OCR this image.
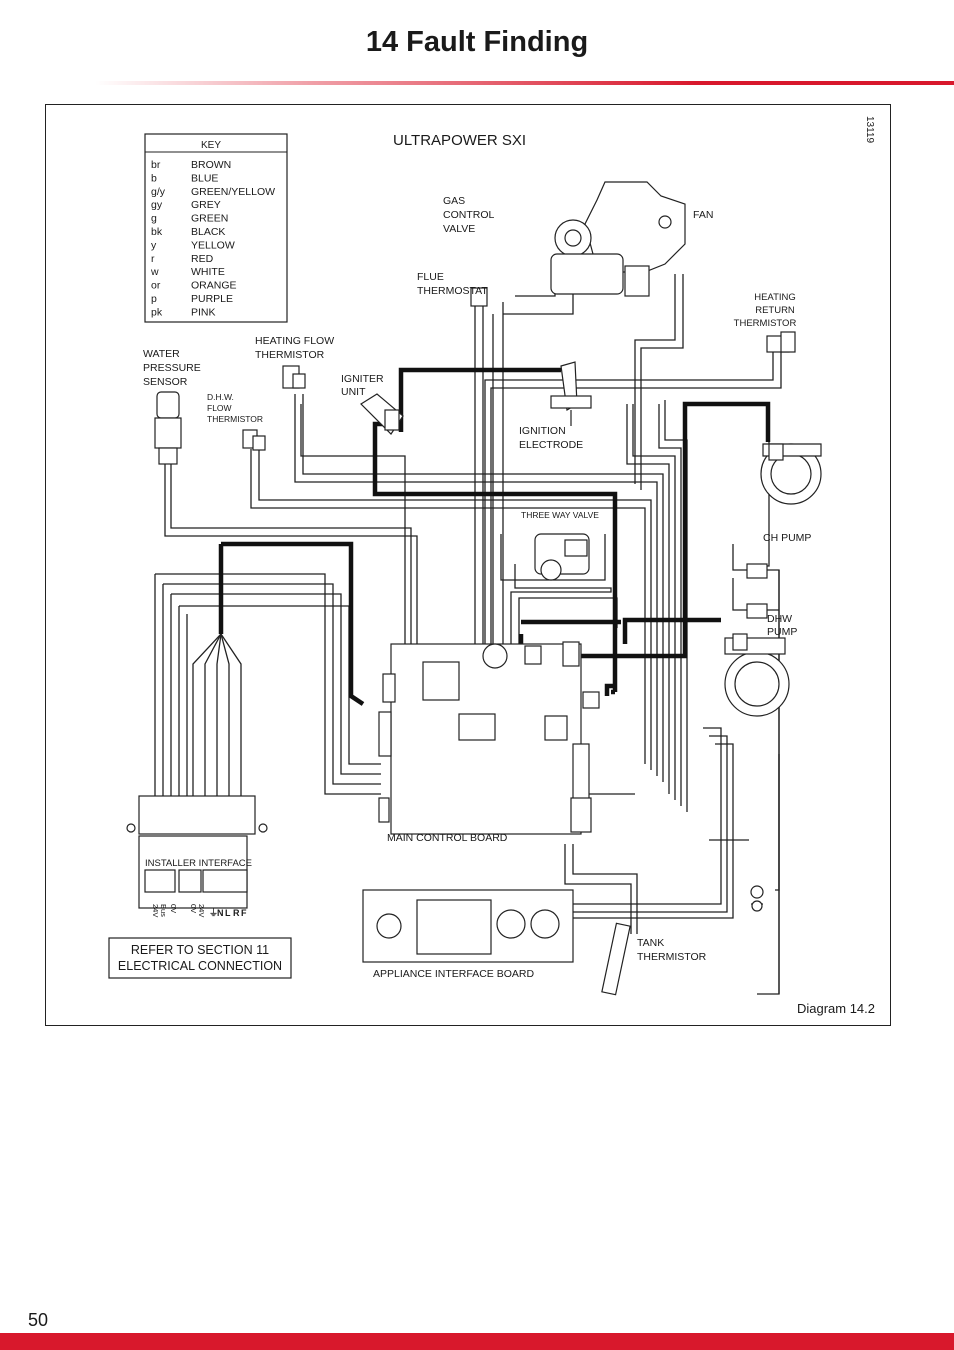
14 Fault Finding
KEY
br	BROWN
b	BLUE
g/y GREEN/YELLOW
gy	GREY
g	GREEN
bk	BLACK
y	YELLOW
r	RED
w	WHITE
or	ORANGE
p	PURPLE
pk	PINK
ULTRAPOWER SXI	13119
GAS
CONTROL
VALVE
FAN
FLUE
THERMOSTAT
HEATING
RETURN
THERMISTOR
WATER
PRESSURE
SENSOR
HEATING FLOW
THERMISTOR
IGNITER
UNIT
D.H.W.
FLOW
THERMISTOR
IGNITION
ELECTRODE
THREE WAY VALVE
CH PUMP
DHW
PUMP
MAIN CONTROL BOARD
INSTALLER INTERFACE
APPLIANCE INTERFACE BOARD
TANK
THERMISTOR
REFER TO SECTION 11
ELECTRICAL CONNECTION
Diagram 14.2
24V Bus 0V 0V 24V ⏚
N L R F
50
